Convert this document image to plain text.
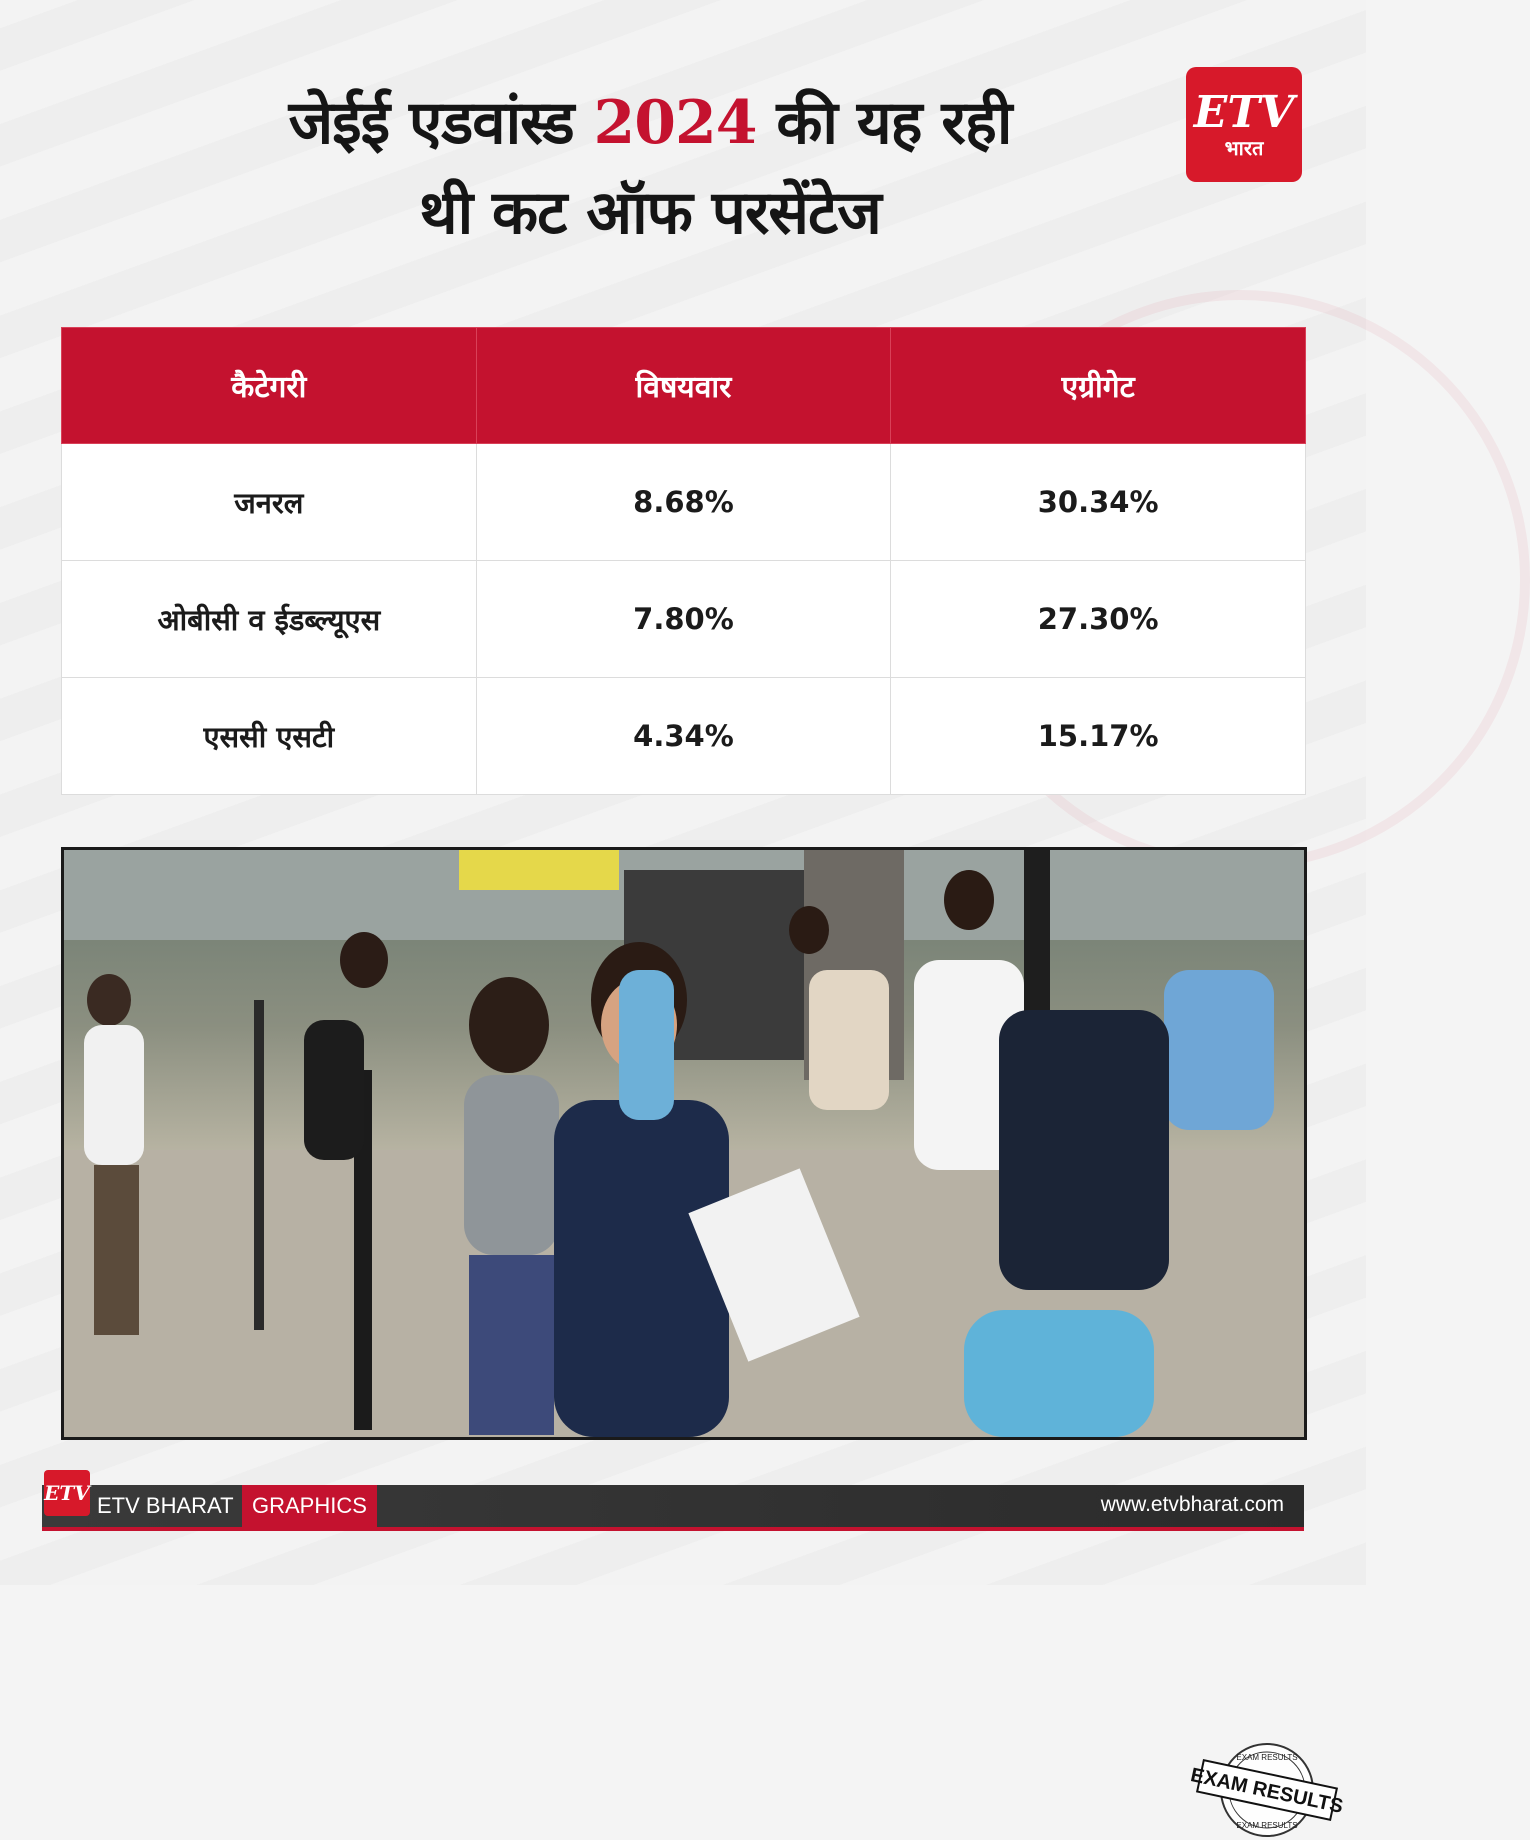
जेईई एडवांस्ड 2024 की यह रही
थी कट ऑफ परसेंटेज
ETV
भारत
कैटेगरी	विषयवार	एग्रीगेट
जनरल	8.68%	30.34%
ओबीसी व ईडब्ल्यूएस	7.80%	27.30%
एससी एसटी	4.34%	15.17%
EXAM RESULTS
EXAM RESULTS
EXAM RESULTS
ETV ETV BHARAT GRAPHICS	www.etvbharat.com
